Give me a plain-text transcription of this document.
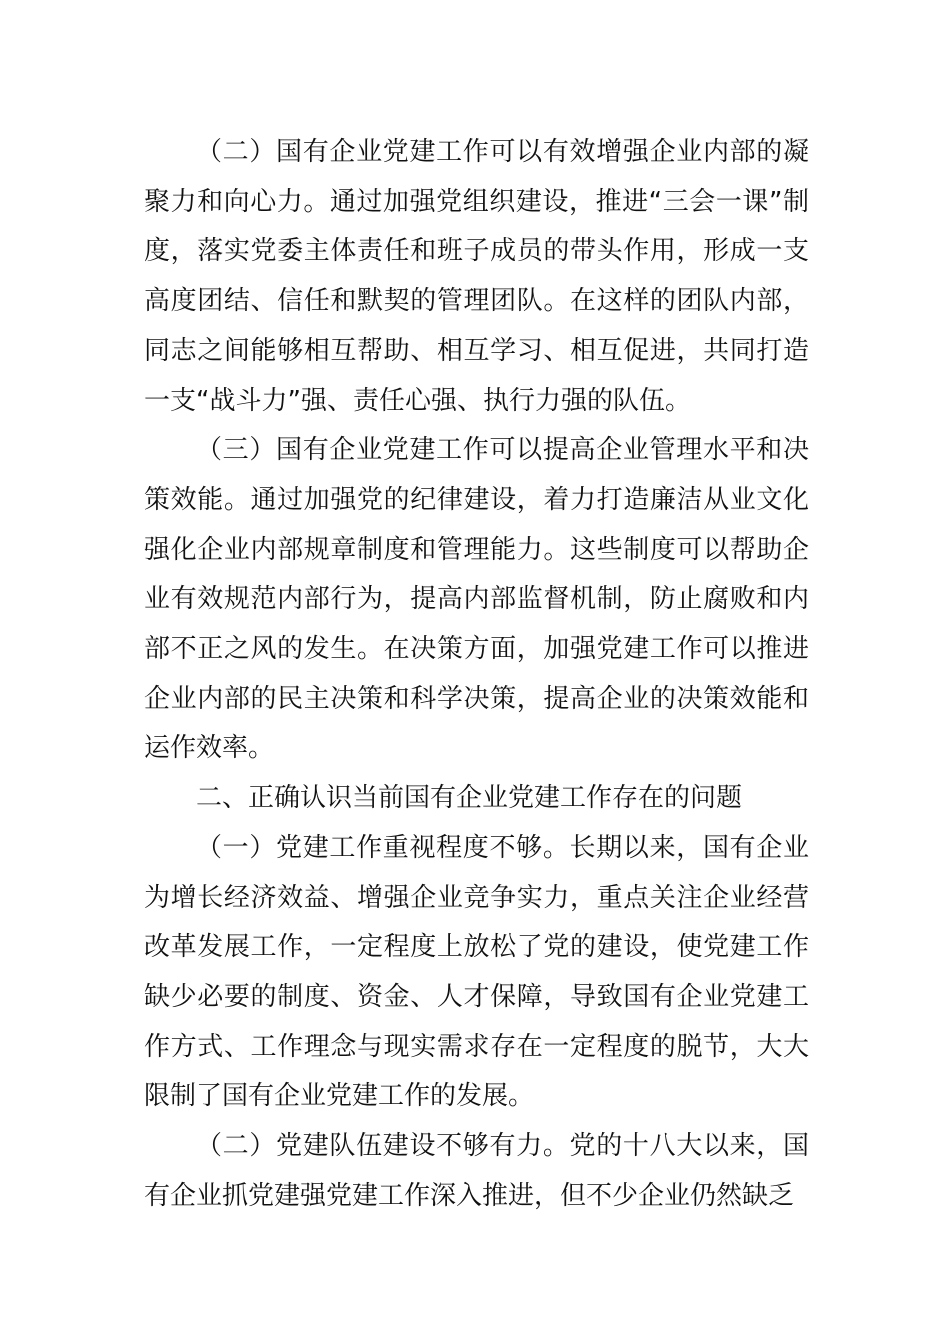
（二）国有企业党建工作可以有效增强企业内部的凝聚力和向心力。通过加强党组织建设，推进“三会一课”制度，落实党委主体责任和班子成员的带头作用，形成一支高度团结、信任和默契的管理团队。在这样的团队内部，同志之间能够相互帮助、相互学习、相互促进，共同打造一支“战斗力”强、责任心强、执行力强的队伍。

（三）国有企业党建工作可以提高企业管理水平和决策效能。通过加强党的纪律建设，着力打造廉洁从业文化强化企业内部规章制度和管理能力。这些制度可以帮助企业有效规范内部行为，提高内部监督机制，防止腐败和内部不正之风的发生。在决策方面，加强党建工作可以推进企业内部的民主决策和科学决策，提高企业的决策效能和运作效率。

二、正确认识当前国有企业党建工作存在的问题

（一）党建工作重视程度不够。长期以来，国有企业为增长经济效益、增强企业竞争实力，重点关注企业经营改革发展工作，一定程度上放松了党的建设，使党建工作缺少必要的制度、资金、人才保障，导致国有企业党建工作方式、工作理念与现实需求存在一定程度的脱节，大大限制了国有企业党建工作的发展。

（二）党建队伍建设不够有力。党的十八大以来，国有企业抓党建强党建工作深入推进，但不少企业仍然缺乏
